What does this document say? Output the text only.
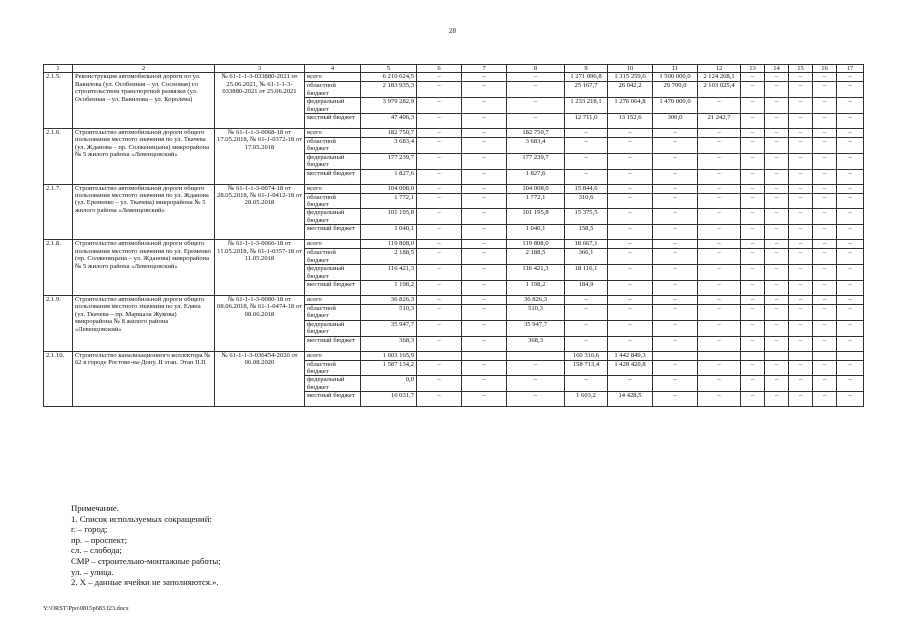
28
1	2	3	4	5	6	7	8	9	10	11	12	13	14	15	16	17
2.1.5.	Реконструкция автомобильной дороги по ул. Вавилова (ул. Особенная – ул. Сосновая) со строительством транспортной развязки (ул. Особенная – ул. Вавилова – ул. Королева)	№ 61-1-1-3-033880-2021 от 25.06.2021, № 61-1-1-3-033880-2021 от 25.06.2021	всего	6 210 624,5	–	–	–	1 271 096,8	1 315 259,6	1 500 000,0	2 124 268,1	–	–	–	–	–
			областной бюджет	2 183 935,3	–	–	–	25 167,7	26 042,2	29 700,0	2 103 025,4	–	–	–	–	–
			федеральный бюджет	3 979 282,9	–	–	–	1 233 218,1	1 276 064,8	1 470 000,0	–	–	–	–	–	–
			местный бюджет	47 406,3	–	–	–	12 711,0	13 152,6	300,0	21 242,7	–	–	–	–	–
2.1.6.	Строительство автомобильной дороги общего пользования местного значения по ул. Ткачева (ул. Жданова – пр. Солженицына) микрорайона № 5 жилого района «Левенцовский»	№ 61-1-1-3-0068-18 от 17.05.2018, № 61-1-0372-18 от 17.05.2018	всего	182 750,7	–	–	182 750,7	–	–	–	–	–	–	–	–	–
			областной бюджет	3 683,4	–	–	3 683,4	–	–	–	–	–	–	–	–	–
			федеральный бюджет	177 239,7	–	–	177 239,7	–	–	–	–	–	–	–	–	–
			местный бюджет	1 827,6	–	–	1 827,6	–	–	–	–	–	–	–	–	–
2.1.7.	Строительство автомобильной дороги общего пользования местного значения по ул. Жданова (ул. Еременко – ул. Ткачева) микрорайона № 5 жилого района «Левенцовский»	№ 61-1-1-3-0074-18 от 28.05.2018, № 61-1-0412-18 от 28.05.2018	всего	104 008,0	–	–	104 008,0	15 844,6	–	–	–	–	–	–	–	–
			областной бюджет	1 772,1	–	–	1 772,1	310,6	–	–	–	–	–	–	–	–
			федеральный бюджет	101 195,8	–	–	101 195,8	15 375,5	–	–	–	–	–	–	–	–
			местный бюджет	1 040,1	–	–	1 040,1	158,5	–	–	–	–	–	–	–	–
2.1.8.	Строительство автомобильной дороги общего пользования местного значения по ул. Еременко (пр. Солженицына – ул. Жданова) микрорайона № 5 жилого района «Левенцовский»	№ 61-1-1-3-0066-18 от 11.05.2018, № 61-1-0357-18 от 11.05.2018	всего	119 808,0	–	–	119 808,0	18 667,1	–	–	–	–	–	–	–	–
			областной бюджет	2 188,5	–	–	2 188,5	366,1	–	–	–	–	–	–	–	–
			федеральный бюджет	116 421,3	–	–	116 421,3	18 116,1	–	–	–	–	–	–	–	–
			местный бюджет	1 198,2	–	–	1 198,2	184,9	–	–	–	–	–	–	–	–
2.1.9.	Строительство автомобильной дороги общего пользования местного значения по ул. Еляна (ул. Ткачева – пр. Маршала Жукова) микрорайона № 8 жилого района «Левенцовский»	№ 61-1-1-3-0080-18 от 08.06.2018, № 61-1-0474-18 от 08.06.2018	всего	36 826,3	–	–	36 826,3	–	–	–	–	–	–	–	–	–
			областной бюджет	510,3	–	–	510,3	–	–	–	–	–	–	–	–	–
			федеральный бюджет	35 947,7	–	–	35 947,7	–	–	–	–	–	–	–	–	–
			местный бюджет	368,3	–	–	368,3	–	–	–	–	–	–	–	–	–
2.1.10.	Строительство канализационного коллектора № 62 в городе Ростове-на-Дону. II этап. Этап II.II	№ 61-1-1-3-036454-2020 от 06.08.2020	всего	1 603 165,9				160 316,6	1 442 849,3							
			областной бюджет	1 587 134,2	–	–	–	158 713,4	1 428 420,8	–	–	–	–	–	–	–
			федеральный бюджет	0,0	–	–	–	–	–	–	–	–	–	–	–	–
			местный бюджет	16 031,7	–	–	–	1 603,2	14 428,5	–	–	–	–	–	–	–
Примечание.
1. Список используемых сокращений:
г. – город;
пр. – проспект;
сл. – слобода;
СМР – строительно-монтажные работы;
ул. – улица.
2. Х – данные ячейки не заполняются.».
Y:\ORST\Ppo\0815p683.f23.docx
